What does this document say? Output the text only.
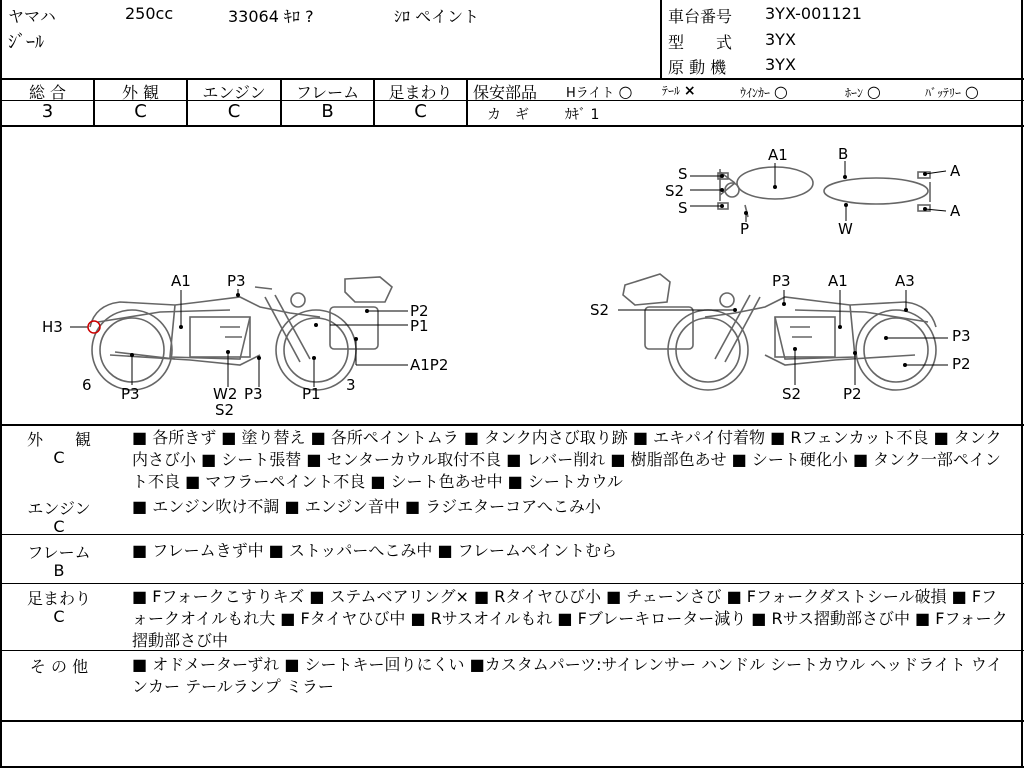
ヤマハ	250cc	33064 ｷﾛ ?	ｼﾛ ペイント
ｼﾞｰﾙ
車台番号 3YX-001121
型　　式 3YX
原 動 機 3YX
総 合	外 観	エンジン	フレーム	足まわり
3	C	C	B	C
保安部品 Hライト ○ ﾃｰﾙ ×	ｳｲﾝｶｰ ○	ﾎｰﾝ ○	ﾊﾞｯﾃﾘｰ ○
カ　ギ	ｶｷﾞ 1
A1	B
S
S2
S
A
A
P	W
A1 P3
P2
P1
H3
A1P2
6 P3	W2 P3	P1 3
S2
P3 A1	A3
S2
P3
P2
S2	P2
外　　観
C
■ 各所きず ■ 塗り替え ■ 各所ペイントムラ ■ タンク内さび取り跡 ■ エキパイ付着物 ■ Rフェンカット不良 ■ タンク内さび小 ■ シート張替 ■ センターカウル取付不良 ■ レバー削れ ■ 樹脂部色あせ ■ シート硬化小 ■ タンク一部ペイント不良 ■ マフラーペイント不良 ■ シート色あせ中 ■ シートカウル
エンジン
C
■ エンジン吹け不調 ■ エンジン音中 ■ ラジエターコアへこみ小
フレーム
B
■ フレームきず中 ■ ストッパーへこみ中 ■ フレームペイントむら
足まわり
C
■ Fフォークこすりキズ ■ ステムベアリング× ■ Rタイヤひび小 ■ チェーンさび ■ Fフォークダストシール破損 ■ Fフォークオイルもれ大 ■ Fタイヤひび中 ■ Rサスオイルもれ ■ Fブレーキローター減り ■ Rサス摺動部さび中 ■ Fフォーク摺動部さび中
そ の 他	■ オドメーターずれ ■ シートキー回りにくい ■カスタムパーツ:サイレンサー ハンドル シートカウル ヘッドライト ウインカー テールランプ ミラー
